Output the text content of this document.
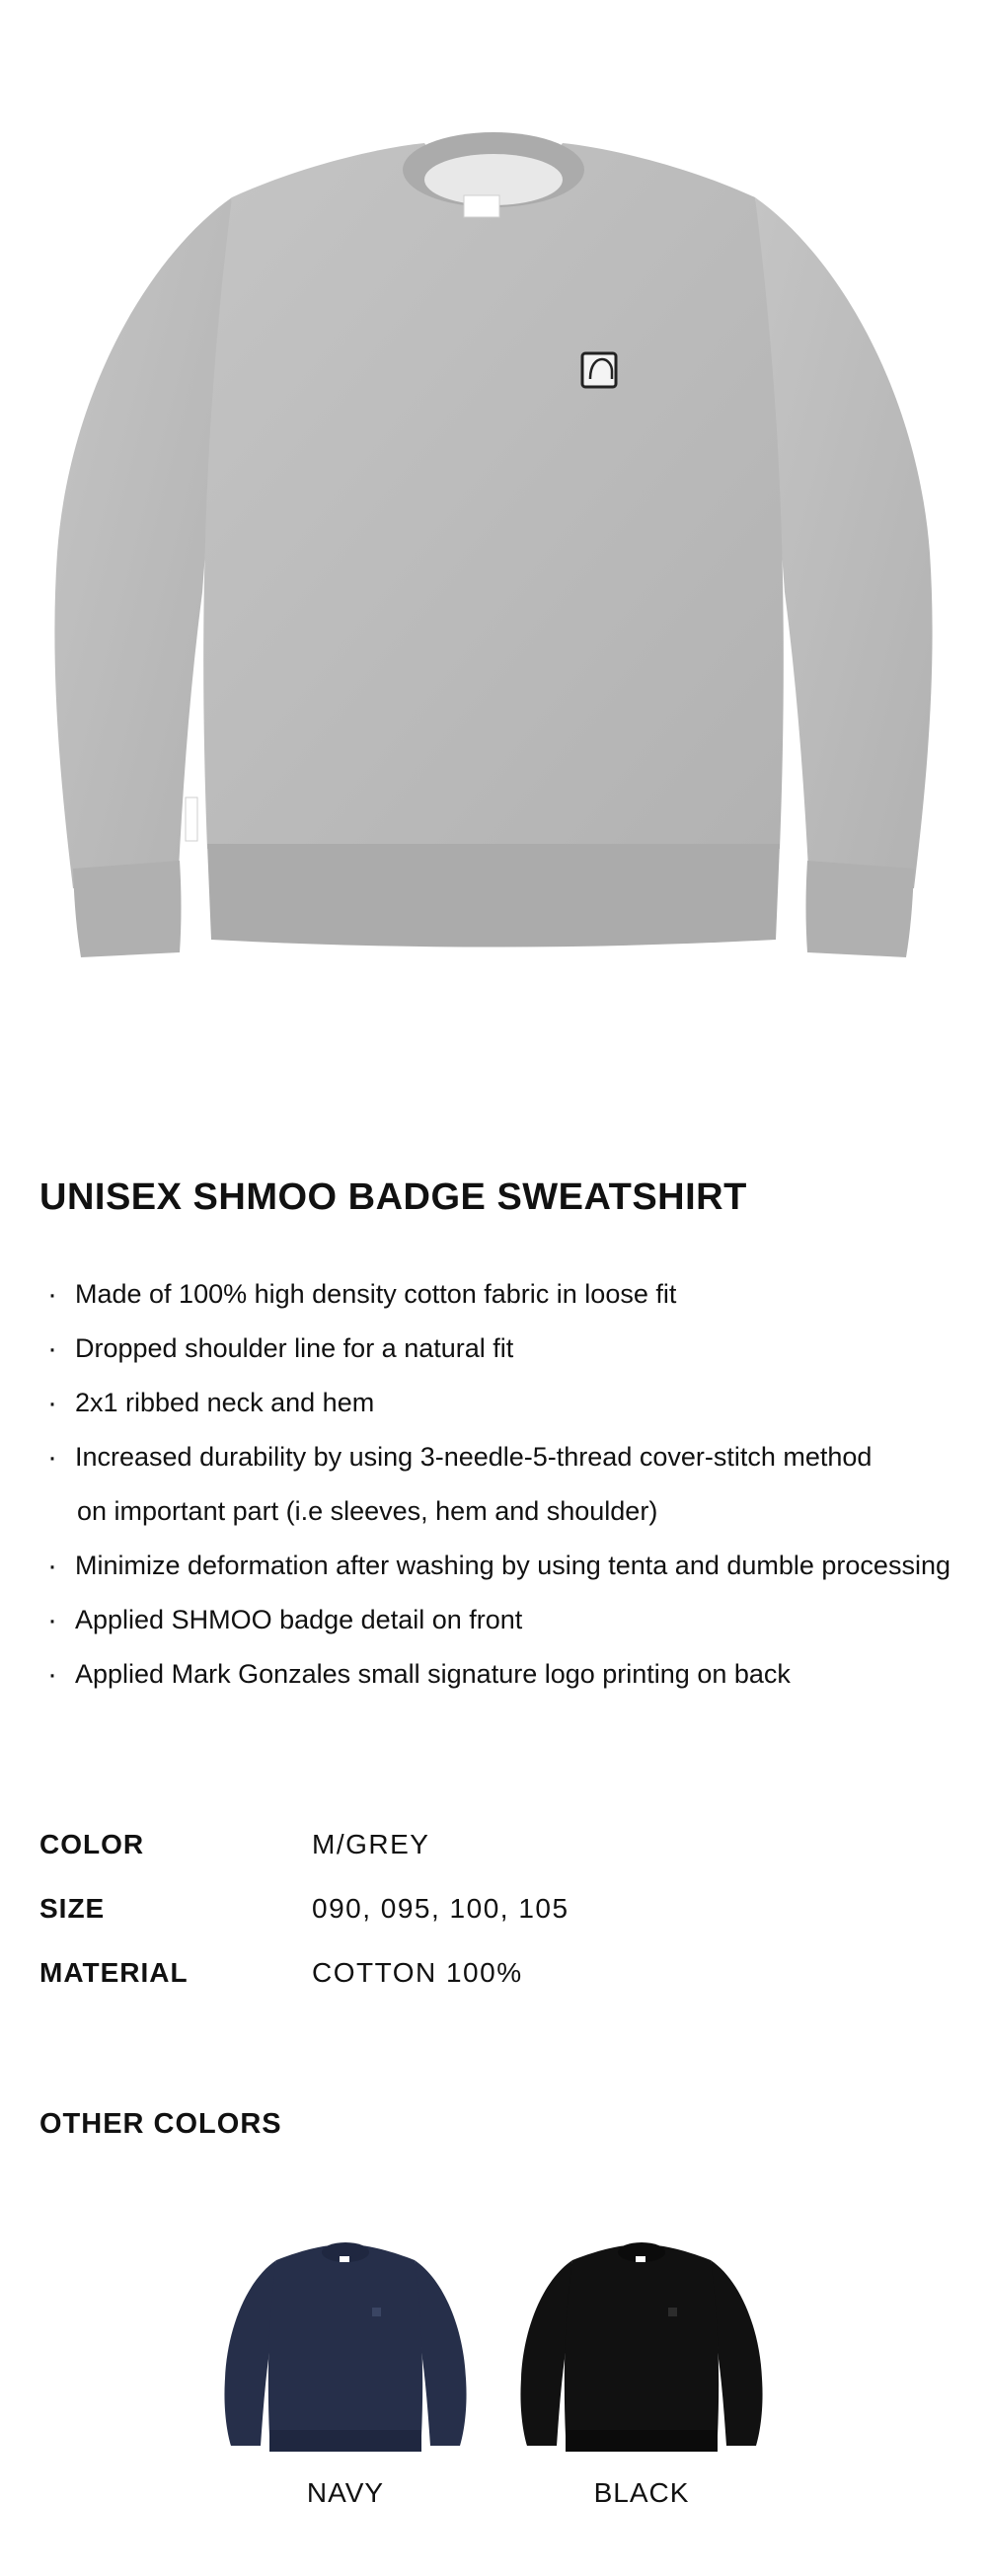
UNISEX SHMOO BADGE SWEATSHIRT
· Made of 100% high density cotton fabric in loose fit
· Dropped shoulder line for a natural fit
· 2x1 ribbed neck and hem
· Increased durability by using 3-needle-5-thread cover-stitch method
on important part (i.e sleeves, hem and shoulder)
· Minimize deformation after washing by using tenta and dumble processing
· Applied SHMOO badge detail on front
· Applied Mark Gonzales small signature logo printing on back
COLOR	M/GREY
SIZE	090, 095, 100, 105
MATERIAL	COTTON 100%
OTHER COLORS
NAVY	BLACK
